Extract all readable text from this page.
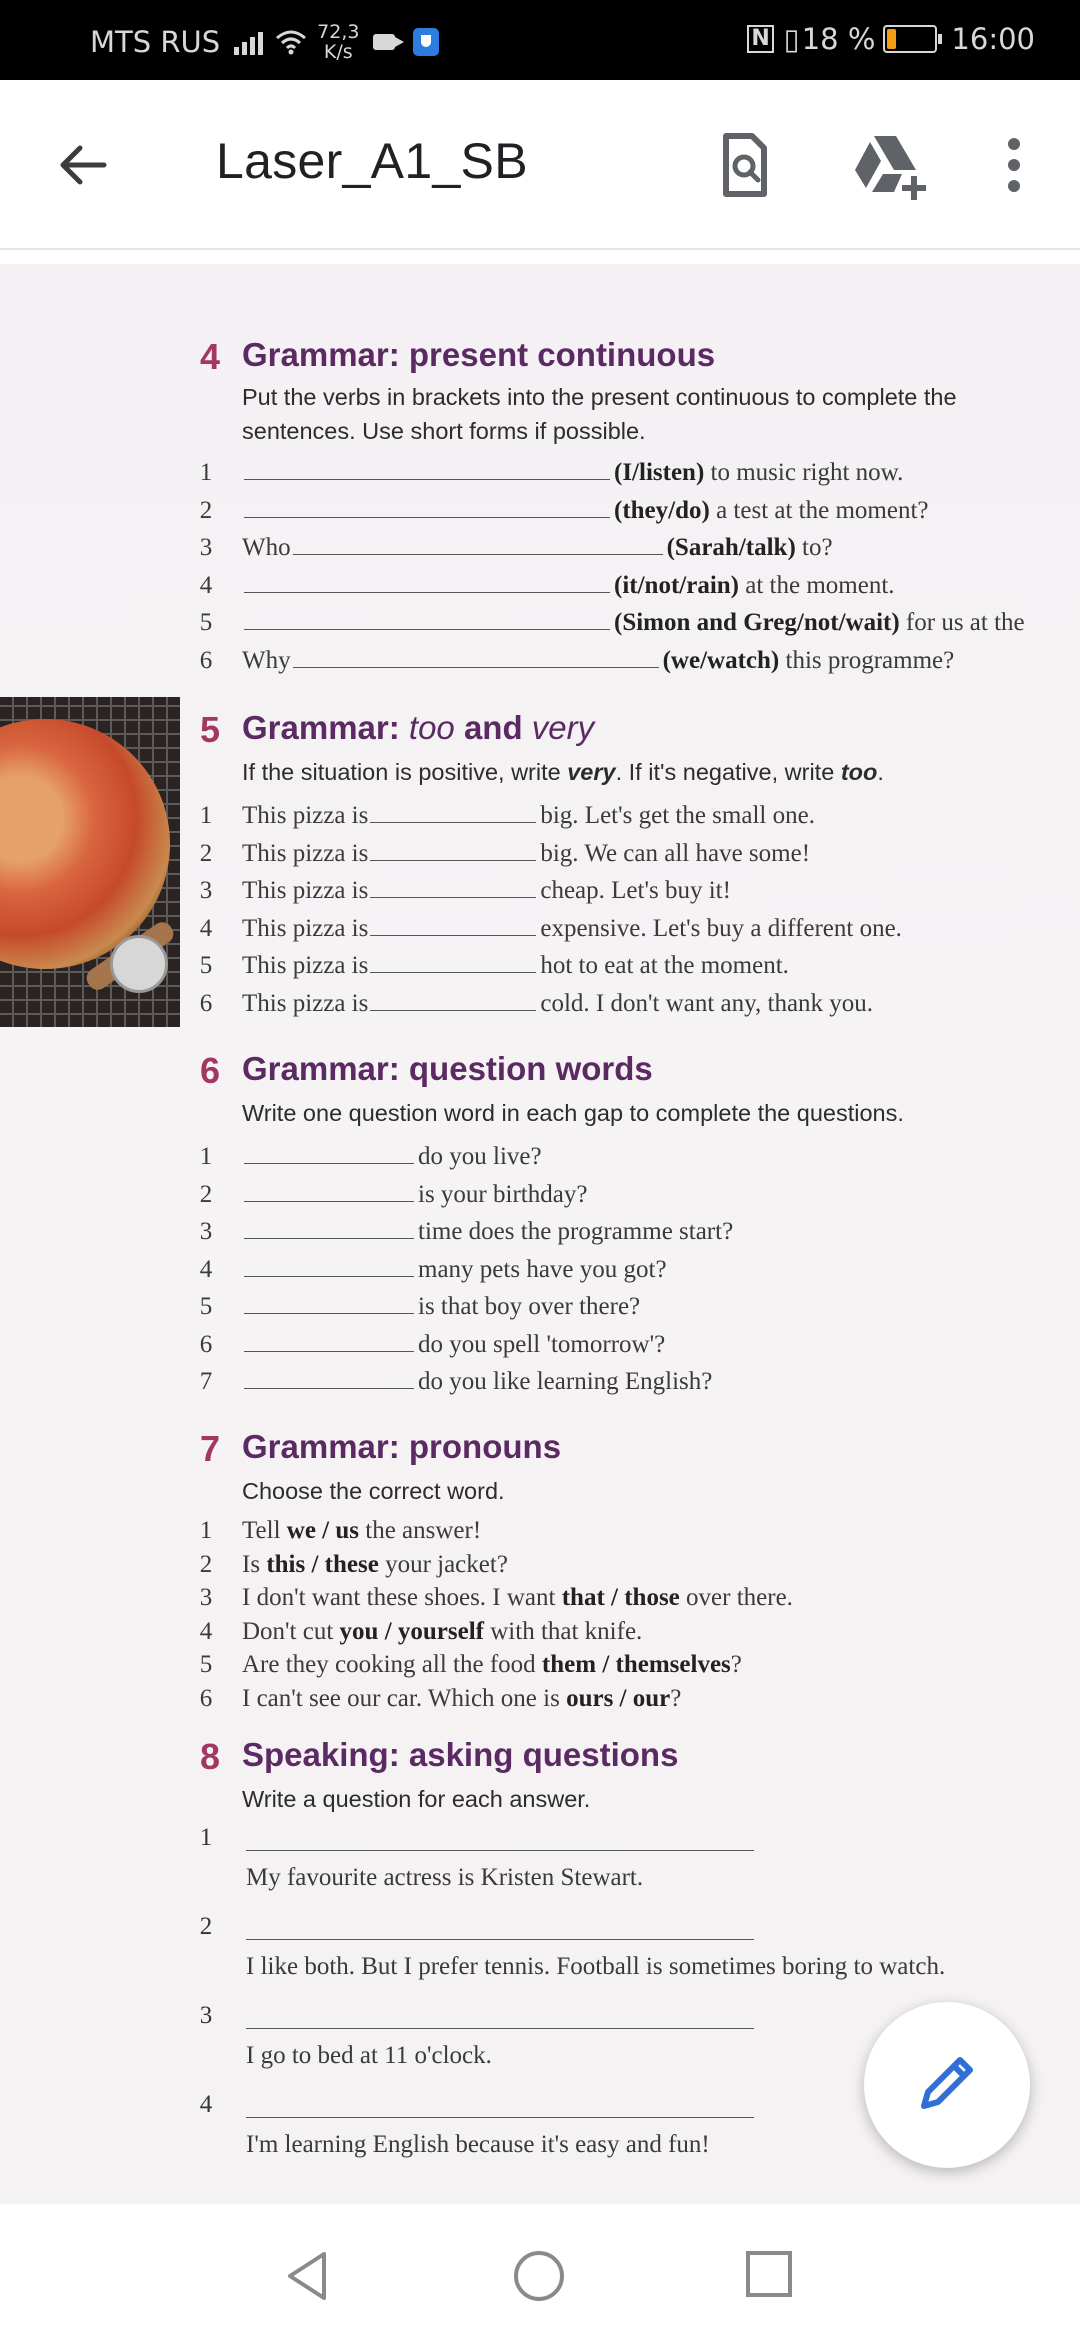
MTS RUS	72,3
K/s
N ▯ 18 %	16:00
Laser_A1_SB
4 Grammar: present continuous
Put the verbs in brackets into the present continuous to complete the
sentences. Use short forms if possible.
1	(I/listen) to music right now.
2	(they/do) a test at the moment?
3 Who	(Sarah/talk) to?
4	(it/not/rain) at the moment.
5	(Simon and Greg/not/wait) for us at the
6 Why	(we/watch) this programme?
5 Grammar: too and very
If the situation is positive, write very. If it's negative, write too.
1 This pizza is	big. Let's get the small one.
2 This pizza is	big. We can all have some!
3 This pizza is	cheap. Let's buy it!
4 This pizza is	expensive. Let's buy a different one.
5 This pizza is	hot to eat at the moment.
6 This pizza is	cold. I don't want any, thank you.
6 Grammar: question words
Write one question word in each gap to complete the questions.
1	do you live?
2	is your birthday?
3	time does the programme start?
4	many pets have you got?
5	is that boy over there?
6	do you spell 'tomorrow'?
7	do you like learning English?
7 Grammar: pronouns
Choose the correct word.
1 Tell we / us the answer!
2 Is this / these your jacket?
3 I don't want these shoes. I want that / those over there.
4 Don't cut you / yourself with that knife.
5 Are they cooking all the food them / themselves ?
6 I can't see our car. Which one is ours / our ?
8 Speaking: asking questions
Write a question for each answer.
1
My favourite actress is Kristen Stewart.
2
I like both. But I prefer tennis. Football is sometimes boring to watch.
3
I go to bed at 11 o'clock.
4
I'm learning English because it's easy and fun!
